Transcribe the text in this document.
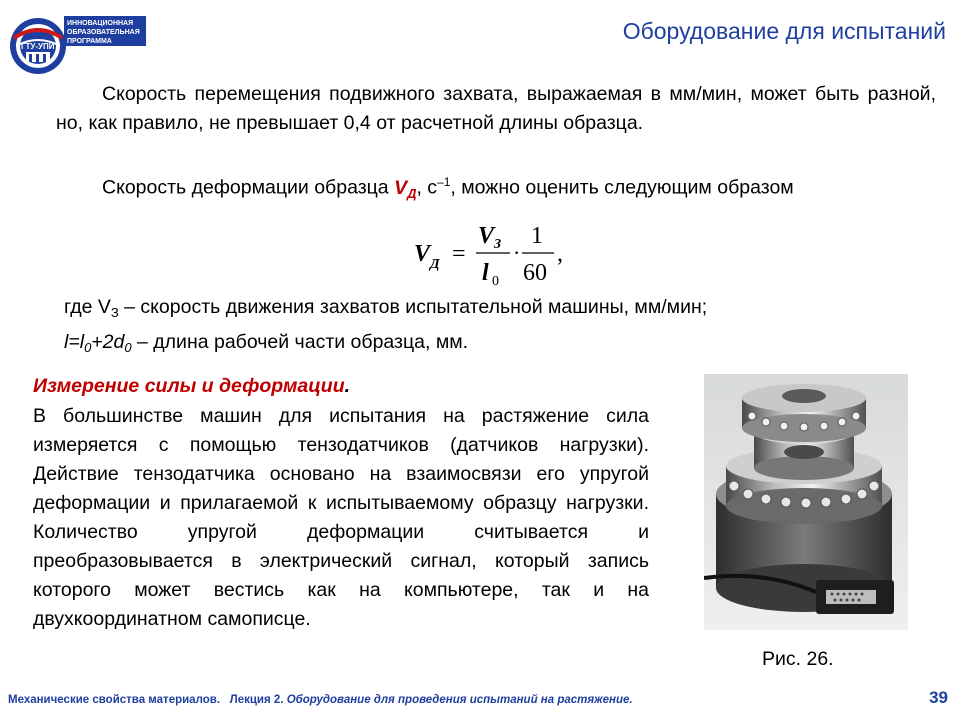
УГТУ-УПИ
ИННОВАЦИОННАЯ
ОБРАЗОВАТЕЛЬНАЯ
ПРОГРАММА	Оборудование для испытаний
Скорость перемещения подвижного захвата, выражаемая в мм/мин, может быть разной, но, как правило, не превышает 0,4 от расчетной длины образца.
Скорость деформации образца $V_Д$, $с^{-1}$, можно оценить следующим образом
V Д =
V З
l 0
·
1
60
,
где $V_З$ – скорость движения захватов испытательной машины, мм/мин;
$l=l_0+2d_0$ – длина рабочей части образца, мм.
Измерение силы и деформации.
В большинстве машин для испытания на растяжение сила измеряется с помощью тензодатчиков (датчиков нагрузки). Действие тензодатчика основано на взаимосвязи его упругой деформации и прилагаемой к испытываемому образцу нагрузки. Количество упругой деформации считывается и преобразовывается в электрический сигнал, который запись которого может вестись как на компьютере, так и на двухкоординатном самописце.
Рис. 26.
Механические свойства материалов. Лекция 2. Оборудование для проведения испытаний на растяжение.	39
